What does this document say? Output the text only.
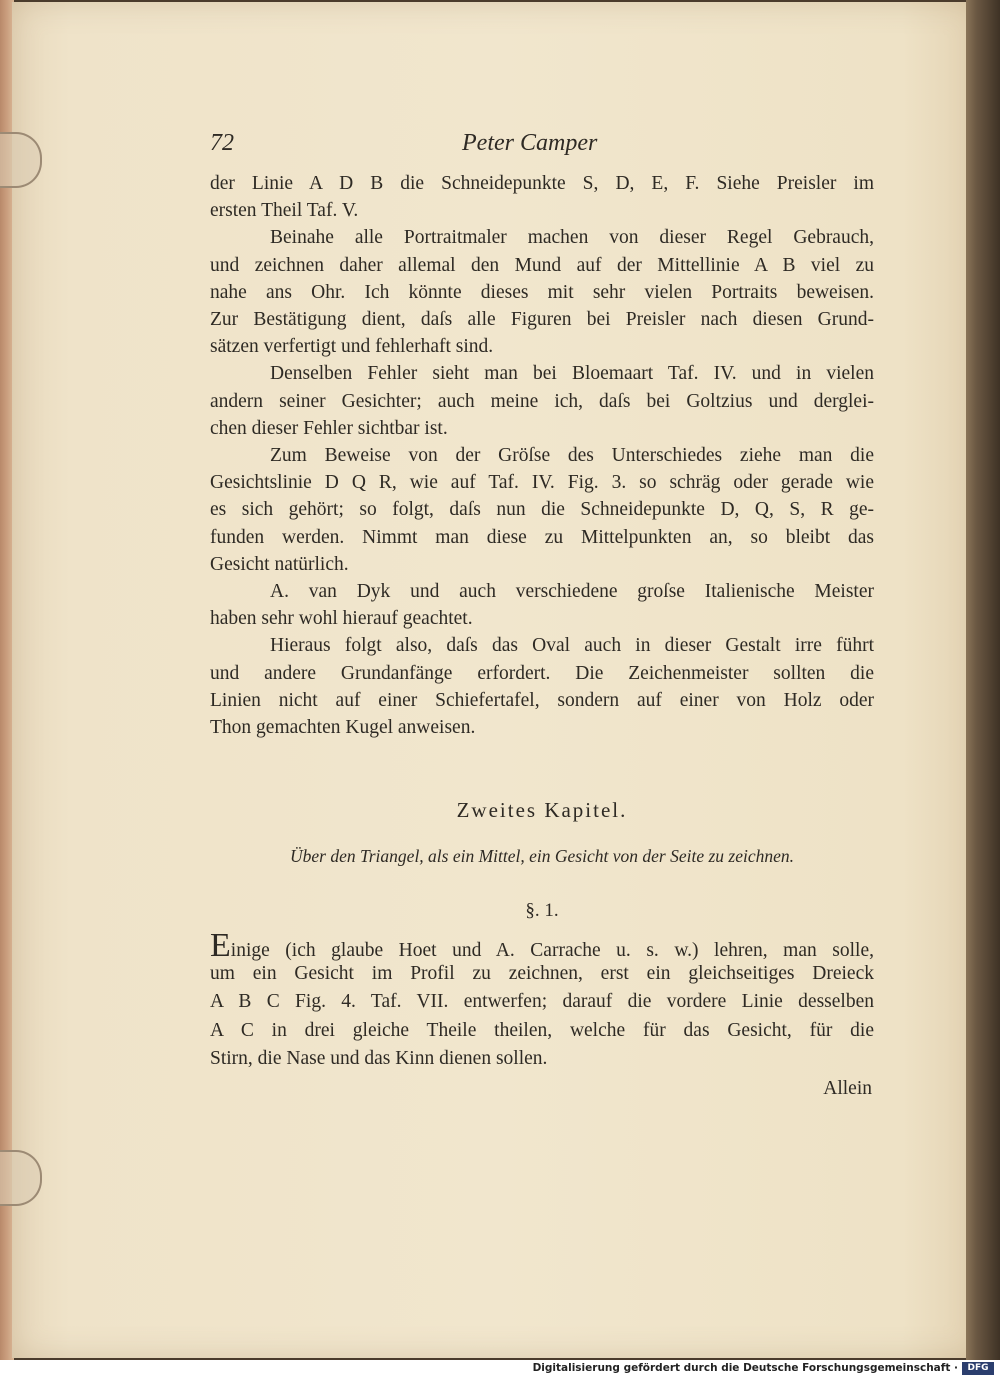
72	Peter Camper
der Linie A D B die Schneidepunkte S, D, E, F. Siehe Preisler im
ersten Theil Taf. V.
Beinahe alle Portraitmaler machen von dieser Regel Gebrauch,
und zeichnen daher allemal den Mund auf der Mittellinie A B viel zu
nahe ans Ohr. Ich könnte dieses mit sehr vielen Portraits beweisen.
Zur Bestätigung dient, daſs alle Figuren bei Preisler nach diesen Grund-
sätzen verfertigt und fehlerhaft sind.
Denselben Fehler sieht man bei Bloemaart Taf. IV. und in vielen
andern seiner Gesichter; auch meine ich, daſs bei Goltzius und derglei-
chen dieser Fehler sichtbar ist.
Zum Beweise von der Gröſse des Unterschiedes ziehe man die
Gesichtslinie D Q R, wie auf Taf. IV. Fig. 3. so schräg oder gerade wie
es sich gehört; so folgt, daſs nun die Schneidepunkte D, Q, S, R ge-
funden werden. Nimmt man diese zu Mittelpunkten an, so bleibt das
Gesicht natürlich.
A. van Dyk und auch verschiedene groſse Italienische Meister
haben sehr wohl hierauf geachtet.
Hieraus folgt also, daſs das Oval auch in dieser Gestalt irre führt
und andere Grundanfänge erfordert. Die Zeichenmeister sollten die
Linien nicht auf einer Schiefertafel, sondern auf einer von Holz oder
Thon gemachten Kugel anweisen.
Zweites Kapitel.
Über den Triangel, als ein Mittel, ein Gesicht von der Seite zu zeichnen.
§. 1.
Einige (ich glaube Hoet und A. Carrache u. s. w.) lehren, man solle,
um ein Gesicht im Profil zu zeichnen, erst ein gleichseitiges Dreieck
A B C Fig. 4. Taf. VII. entwerfen; darauf die vordere Linie desselben
A C in drei gleiche Theile theilen, welche für das Gesicht, für die
Stirn, die Nase und das Kinn dienen sollen.
Allein
Digitalisierung gefördert durch die Deutsche Forschungsgemeinschaft ·	DFG
